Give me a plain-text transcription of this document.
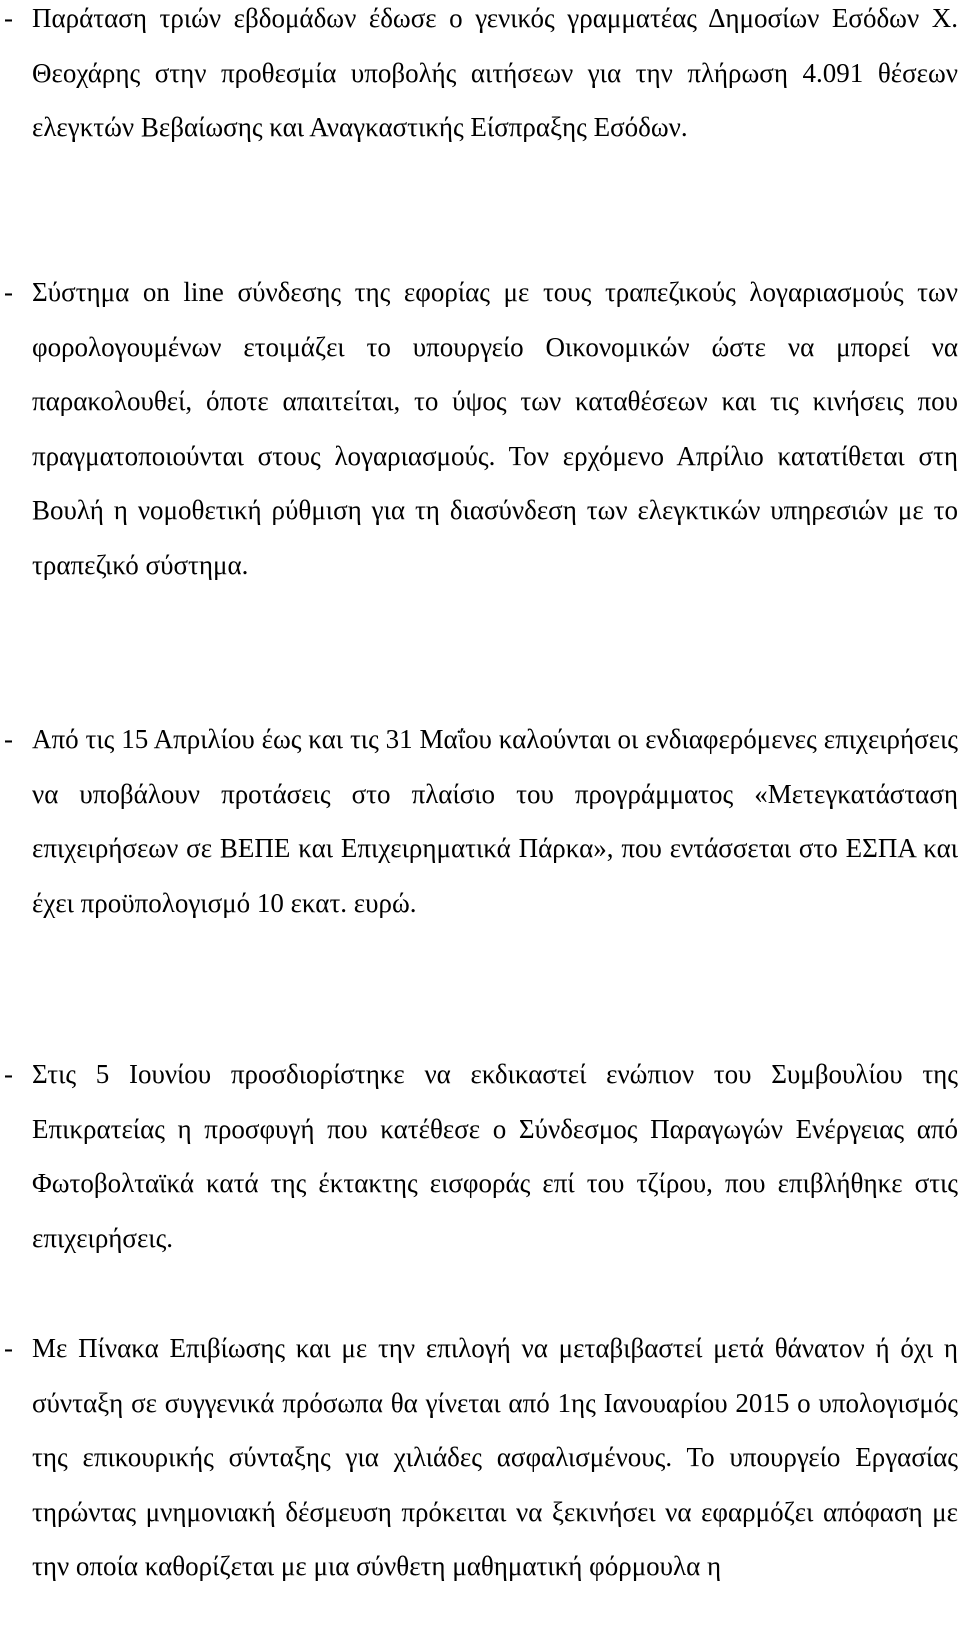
- Παράταση τριών εβδομάδων έδωσε ο γενικός γραμματέας Δημοσίων Εσόδων Χ. Θεοχάρης στην προθεσμία υποβολής αιτήσεων για την πλήρωση 4.091 θέσεων ελεγκτών Βεβαίωσης και Αναγκαστικής Είσπραξης Εσόδων.
- Σύστημα on line σύνδεσης της εφορίας με τους τραπεζικούς λογαριασμούς των φορολογουμένων ετοιμάζει το υπουργείο Οικονομικών ώστε να μπορεί να παρακολουθεί, όποτε απαιτείται, το ύψος των καταθέσεων και τις κινήσεις που πραγματοποιούνται στους λογαριασμούς. Τον ερχόμενο Απρίλιο κατατίθεται στη Βουλή η νομοθετική ρύθμιση για τη διασύνδεση των ελεγκτικών υπηρεσιών με το τραπεζικό σύστημα.
- Από τις 15 Απριλίου έως και τις 31 Μαΐου καλούνται οι ενδιαφερόμενες επιχειρήσεις να υποβάλουν προτάσεις στο πλαίσιο του προγράμματος «Μετεγκατάσταση επιχειρήσεων σε ΒΕΠΕ και Επιχειρηματικά Πάρκα», που εντάσσεται στο ΕΣΠΑ και έχει προϋπολογισμό 10 εκατ. ευρώ.
- Στις 5 Ιουνίου προσδιορίστηκε να εκδικαστεί ενώπιον του Συμβουλίου της Επικρατείας η προσφυγή που κατέθεσε ο Σύνδεσμος Παραγωγών Ενέργειας από Φωτοβολταϊκά κατά της έκτακτης εισφοράς επί του τζίρου, που επιβλήθηκε στις επιχειρήσεις.
- Με Πίνακα Επιβίωσης και με την επιλογή να μεταβιβαστεί μετά θάνατον ή όχι η σύνταξη σε συγγενικά πρόσωπα θα γίνεται από 1ης Ιανουαρίου 2015 ο υπολογισμός της επικουρικής σύνταξης για χιλιάδες ασφαλισμένους. Το υπουργείο Εργασίας τηρώντας μνημονιακή δέσμευση πρόκειται να ξεκινήσει να εφαρμόζει απόφαση με την οποία καθορίζεται με μια σύνθετη μαθηματική φόρμουλα η
